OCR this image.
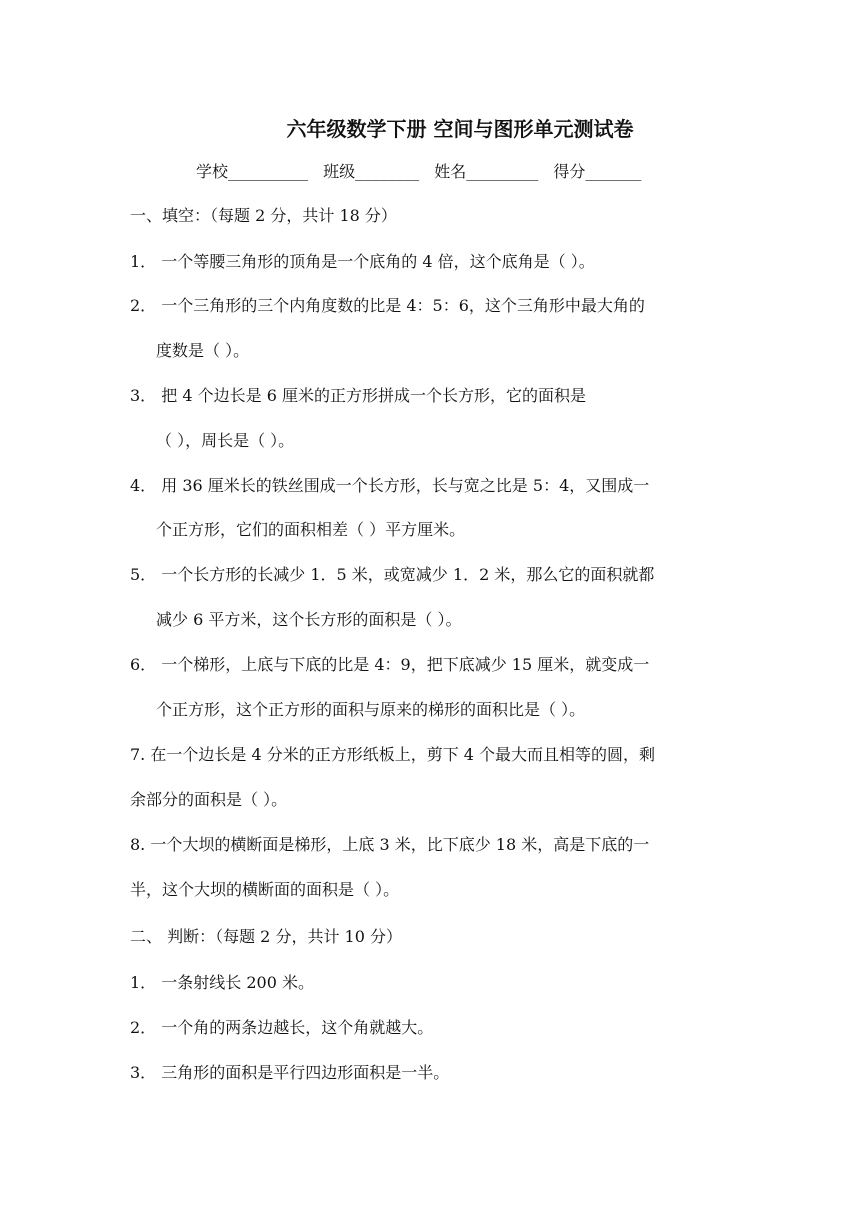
六年级数学下册 空间与图形单元测试卷
学校__________ 班级________ 姓名_________ 得分_______
一、填空：（每题 2 分，共计 18 分）
1． 一个等腰三角形的顶角是一个底角的 4 倍，这个底角是（ ）。
2． 一个三角形的三个内角度数的比是 4：5：6，这个三角形中最大角的
度数是（ ）。
3． 把 4 个边长是 6 厘米的正方形拼成一个长方形，它的面积是
（ ），周长是（ ）。
4． 用 36 厘米长的铁丝围成一个长方形，长与宽之比是 5：4，又围成一
个正方形，它们的面积相差（ ）平方厘米。
5． 一个长方形的长减少 1．5 米，或宽减少 1．2 米，那么它的面积就都
减少 6 平方米，这个长方形的面积是（ ）。
6． 一个梯形，上底与下底的比是 4：9，把下底减少 15 厘米，就变成一
个正方形，这个正方形的面积与原来的梯形的面积比是（ ）。
7. 在一个边长是 4 分米的正方形纸板上，剪下 4 个最大而且相等的圆，剩
余部分的面积是（ ）。
8. 一个大坝的横断面是梯形，上底 3 米，比下底少 18 米，高是下底的一
半，这个大坝的横断面的面积是（ ）。
二、 判断：（每题 2 分，共计 10 分）
1． 一条射线长 200 米。
2． 一个角的两条边越长，这个角就越大。
3． 三角形的面积是平行四边形面积是一半。
